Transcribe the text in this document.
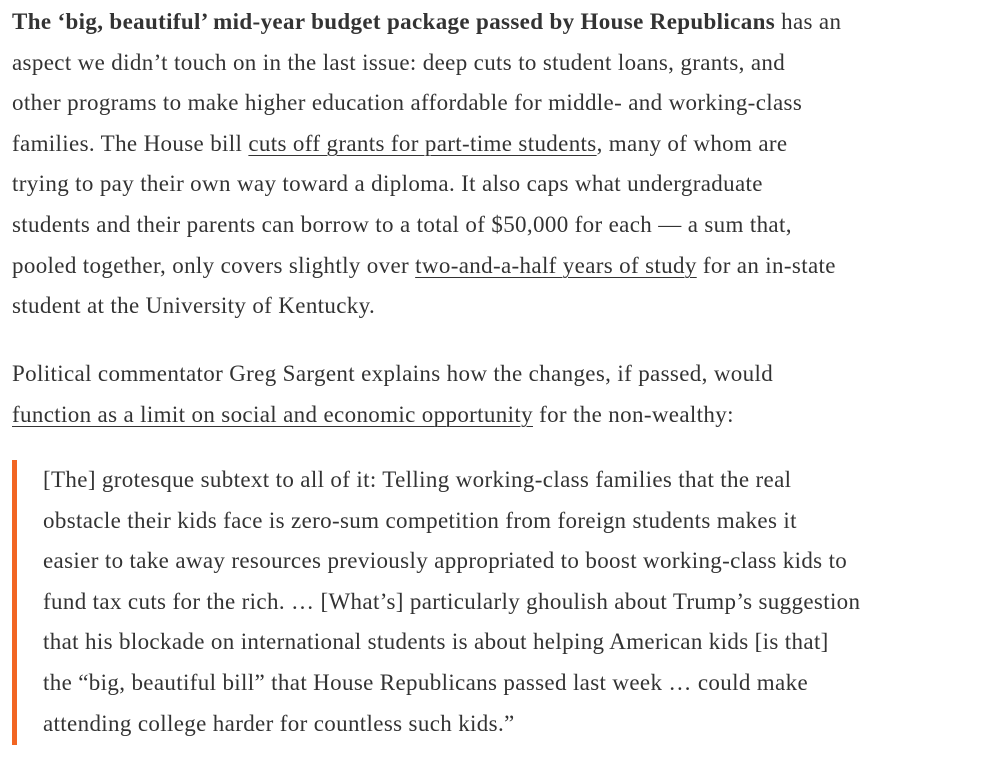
The ‘big, beautiful’ mid-year budget package passed by House Republicans has an
aspect we didn’t touch on in the last issue: deep cuts to student loans, grants, and
other programs to make higher education affordable for middle- and working-class
families. The House bill cuts off grants for part-time students, many of whom are
trying to pay their own way toward a diploma. It also caps what undergraduate
students and their parents can borrow to a total of $50,000 for each — a sum that,
pooled together, only covers slightly over two-and-a-half years of study for an in-state
student at the University of Kentucky.
Political commentator Greg Sargent explains how the changes, if passed, would
function as a limit on social and economic opportunity for the non-wealthy:
[The] grotesque subtext to all of it: Telling working-class families that the real
obstacle their kids face is zero-sum competition from foreign students makes it
easier to take away resources previously appropriated to boost working-class kids to
fund tax cuts for the rich. … [What’s] particularly ghoulish about Trump’s suggestion
that his blockade on international students is about helping American kids [is that]
the “big, beautiful bill” that House Republicans passed last week … could make
attending college harder for countless such kids.”
